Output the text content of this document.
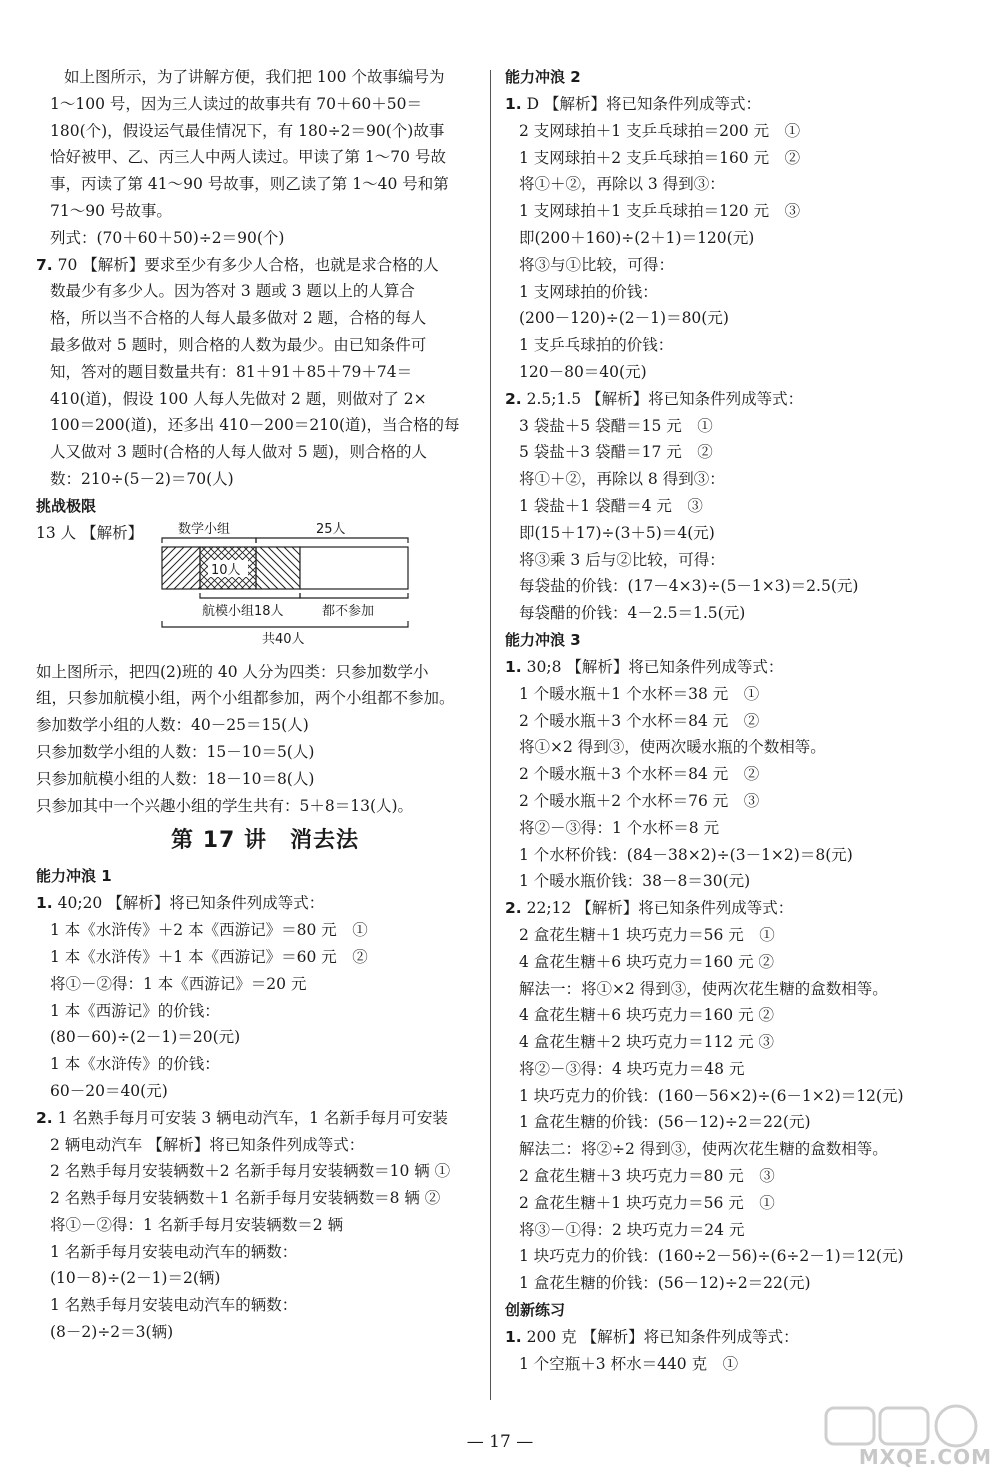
如上图所示，为了讲解方便，我们把 100 个故事编号为
1～100 号，因为三人读过的故事共有 70＋60＋50＝
180(个)，假设运气最佳情况下，有 180÷2＝90(个)故事
恰好被甲、乙、丙三人中两人读过。甲读了第 1～70 号故
事，丙读了第 41～90 号故事，则乙读了第 1～40 号和第
71～90 号故事。
列式：(70＋60＋50)÷2＝90(个)
7. 70 【解析】要求至少有多少人合格，也就是求合格的人
数最少有多少人。因为答对 3 题或 3 题以上的人算合
格，所以当不合格的人每人最多做对 2 题，合格的每人
最多做对 5 题时，则合格的人数为最少。由已知条件可
知，答对的题目数量共有：81＋91＋85＋79＋74＝
410(道)，假设 100 人每人先做对 2 题，则做对了 2×
100＝200(道)，还多出 410－200＝210(道)，当合格的每
人又做对 3 题时(合格的人每人做对 5 题)，则合格的人
数：210÷(5－2)＝70(人)
挑战极限
13 人 【解析】	数学小组	25人
10人
航模小组18人	都不参加
共40人
如上图所示，把四(2)班的 40 人分为四类：只参加数学小
组，只参加航模小组，两个小组都参加，两个小组都不参加。
参加数学小组的人数：40－25＝15(人)
只参加数学小组的人数：15－10＝5(人)
只参加航模小组的人数：18－10＝8(人)
只参加其中一个兴趣小组的学生共有：5＋8＝13(人)。
第 17 讲　消去法
能力冲浪 1
1. 40;20 【解析】将已知条件列成等式：
1 本《水浒传》＋2 本《西游记》＝80 元　①
1 本《水浒传》＋1 本《西游记》＝60 元　②
将①－②得：1 本《西游记》＝20 元
1 本《西游记》的价钱：
(80－60)÷(2－1)＝20(元)
1 本《水浒传》的价钱：
60－20＝40(元)
2. 1 名熟手每月可安装 3 辆电动汽车，1 名新手每月可安装
2 辆电动汽车 【解析】将已知条件列成等式：
2 名熟手每月安装辆数＋2 名新手每月安装辆数＝10 辆 ①
2 名熟手每月安装辆数＋1 名新手每月安装辆数＝8 辆 ②
将①－②得：1 名新手每月安装辆数＝2 辆
1 名新手每月安装电动汽车的辆数：
(10－8)÷(2－1)＝2(辆)
1 名熟手每月安装电动汽车的辆数：
(8－2)÷2＝3(辆)
能力冲浪 2
1. D 【解析】将已知条件列成等式：
2 支网球拍＋1 支乒乓球拍＝200 元　①
1 支网球拍＋2 支乒乓球拍＝160 元　②
将①＋②，再除以 3 得到③：
1 支网球拍＋1 支乒乓球拍＝120 元　③
即(200＋160)÷(2＋1)＝120(元)
将③与①比较，可得：
1 支网球拍的价钱：
(200－120)÷(2－1)＝80(元)
1 支乒乓球拍的价钱：
120－80＝40(元)
2. 2.5;1.5 【解析】将已知条件列成等式：
3 袋盐＋5 袋醋＝15 元　①
5 袋盐＋3 袋醋＝17 元　②
将①＋②，再除以 8 得到③：
1 袋盐＋1 袋醋＝4 元　③
即(15＋17)÷(3＋5)＝4(元)
将③乘 3 后与②比较，可得：
每袋盐的价钱：(17－4×3)÷(5－1×3)＝2.5(元)
每袋醋的价钱：4－2.5＝1.5(元)
能力冲浪 3
1. 30;8 【解析】将已知条件列成等式：
1 个暖水瓶＋1 个水杯＝38 元　①
2 个暖水瓶＋3 个水杯＝84 元　②
将①×2 得到③，使两次暖水瓶的个数相等。
2 个暖水瓶＋3 个水杯＝84 元　②
2 个暖水瓶＋2 个水杯＝76 元　③
将②－③得：1 个水杯＝8 元
1 个水杯价钱：(84－38×2)÷(3－1×2)＝8(元)
1 个暖水瓶价钱：38－8＝30(元)
2. 22;12 【解析】将已知条件列成等式：
2 盒花生糖＋1 块巧克力＝56 元　①
4 盒花生糖＋6 块巧克力＝160 元 ②
解法一：将①×2 得到③，使两次花生糖的盒数相等。
4 盒花生糖＋6 块巧克力＝160 元 ②
4 盒花生糖＋2 块巧克力＝112 元 ③
将②－③得：4 块巧克力＝48 元
1 块巧克力的价钱：(160－56×2)÷(6－1×2)＝12(元)
1 盒花生糖的价钱：(56－12)÷2＝22(元)
解法二：将②÷2 得到③，使两次花生糖的盒数相等。
2 盒花生糖＋3 块巧克力＝80 元　③
2 盒花生糖＋1 块巧克力＝56 元　①
将③－①得：2 块巧克力＝24 元
1 块巧克力的价钱：(160÷2－56)÷(6÷2－1)＝12(元)
1 盒花生糖的价钱：(56－12)÷2＝22(元)
创新练习
1. 200 克 【解析】将已知条件列成等式：
1 个空瓶＋3 杯水＝440 克　①
— 17 —
MXQE.COM
